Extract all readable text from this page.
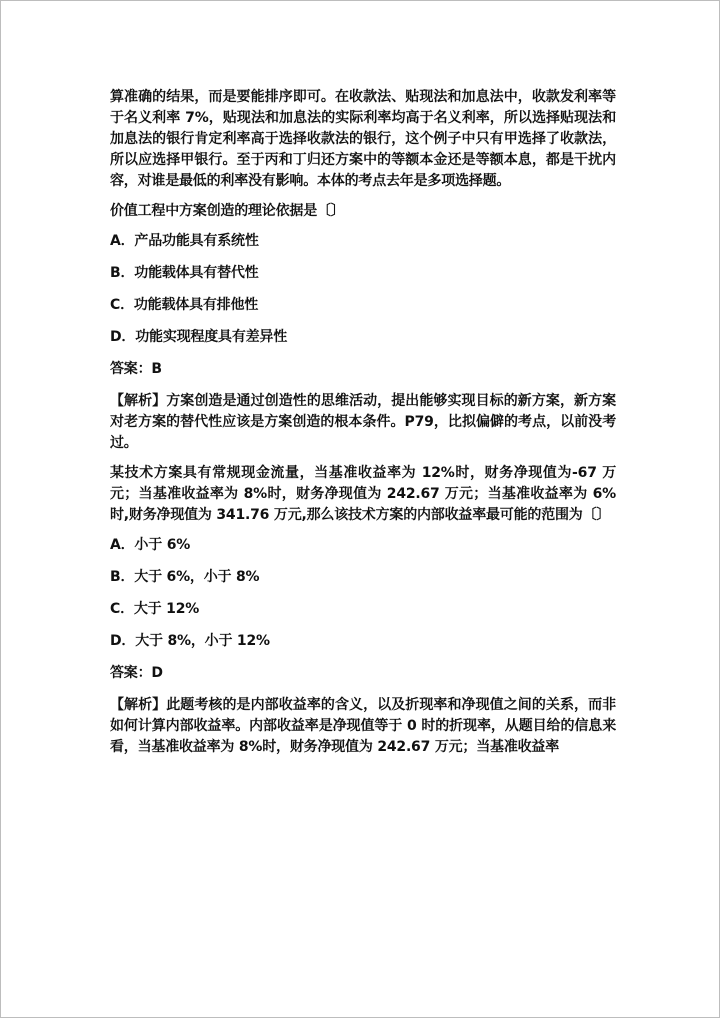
算准确的结果，而是要能排序即可。在收款法、贴现法和加息法中，收款发利率等于名义利率 7%，贴现法和加息法的实际利率均高于名义利率，所以选择贴现法和加息法的银行肯定利率高于选择收款法的银行，这个例子中只有甲选择了收款法，所以应选择甲银行。至于丙和丁归还方案中的等额本金还是等额本息，都是干扰内容，对谁是最低的利率没有影响。本体的考点去年是多项选择题。

价值工程中方案创造的理论依据是〔〕

A．产品功能具有系统性

B．功能载体具有替代性

C．功能载体具有排他性

D．功能实现程度具有差异性

答案：B

【解析】方案创造是通过创造性的思维活动，提出能够实现目标的新方案，新方案对老方案的替代性应该是方案创造的根本条件。P79，比拟偏僻的考点，以前没考过。

某技术方案具有常规现金流量，当基准收益率为 12%时，财务净现值为-67 万元；当基准收益率为 8%时，财务净现值为 242.67 万元；当基准收益率为 6%时,财务净现值为 341.76 万元,那么该技术方案的内部收益率最可能的范围为〔〕

A．小于 6%

B．大于 6%，小于 8%

C．大于 12%

D．大于 8%，小于 12%

答案：D

【解析】此题考核的是内部收益率的含义，以及折现率和净现值之间的关系，而非如何计算内部收益率。内部收益率是净现值等于 0 时的折现率，从题目给的信息来看，当基准收益率为 8%时，财务净现值为 242.67 万元；当基准收益率
